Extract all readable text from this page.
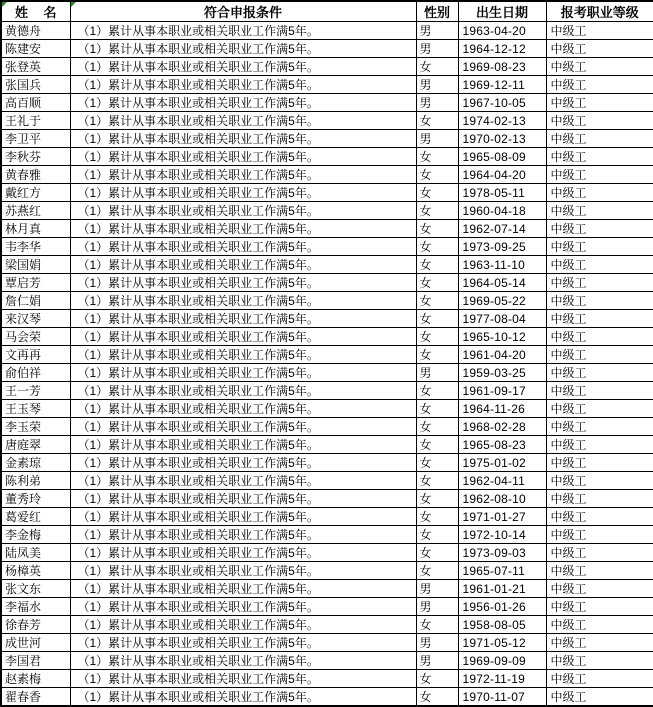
姓 名	符合申报条件	性别	出生日期	报考职业等级
黄德舟	（1）累计从事本职业或相关职业工作满5年。	男	1963-04-20	中级工
陈建安	（1）累计从事本职业或相关职业工作满5年。	男	1964-12-12	中级工
张登英	（1）累计从事本职业或相关职业工作满5年。	女	1969-08-23	中级工
张国兵	（1）累计从事本职业或相关职业工作满5年。	男	1969-12-11	中级工
高百顺	（1）累计从事本职业或相关职业工作满5年。	男	1967-10-05	中级工
王礼于	（1）累计从事本职业或相关职业工作满5年。	女	1974-02-13	中级工
李卫平	（1）累计从事本职业或相关职业工作满5年。	男	1970-02-13	中级工
李秋芬	（1）累计从事本职业或相关职业工作满5年。	女	1965-08-09	中级工
黄春雅	（1）累计从事本职业或相关职业工作满5年。	女	1964-04-20	中级工
戴红方	（1）累计从事本职业或相关职业工作满5年。	女	1978-05-11	中级工
苏燕红	（1）累计从事本职业或相关职业工作满5年。	女	1960-04-18	中级工
林月真	（1）累计从事本职业或相关职业工作满5年。	女	1962-07-14	中级工
韦李华	（1）累计从事本职业或相关职业工作满5年。	女	1973-09-25	中级工
梁国娟	（1）累计从事本职业或相关职业工作满5年。	女	1963-11-10	中级工
覃启芳	（1）累计从事本职业或相关职业工作满5年。	女	1964-05-14	中级工
詹仁娟	（1）累计从事本职业或相关职业工作满5年。	女	1969-05-22	中级工
来汉琴	（1）累计从事本职业或相关职业工作满5年。	女	1977-08-04	中级工
马会荣	（1）累计从事本职业或相关职业工作满5年。	女	1965-10-12	中级工
文再再	（1）累计从事本职业或相关职业工作满5年。	女	1961-04-20	中级工
俞伯祥	（1）累计从事本职业或相关职业工作满5年。	男	1959-03-25	中级工
王一芳	（1）累计从事本职业或相关职业工作满5年。	女	1961-09-17	中级工
王玉琴	（1）累计从事本职业或相关职业工作满5年。	女	1964-11-26	中级工
李玉荣	（1）累计从事本职业或相关职业工作满5年。	女	1968-02-28	中级工
唐庭翠	（1）累计从事本职业或相关职业工作满5年。	女	1965-08-23	中级工
金素琼	（1）累计从事本职业或相关职业工作满5年。	女	1975-01-02	中级工
陈利弟	（1）累计从事本职业或相关职业工作满5年。	女	1962-04-11	中级工
董秀玲	（1）累计从事本职业或相关职业工作满5年。	女	1962-08-10	中级工
葛爱红	（1）累计从事本职业或相关职业工作满5年。	女	1971-01-27	中级工
李金梅	（1）累计从事本职业或相关职业工作满5年。	女	1972-10-14	中级工
陆凤美	（1）累计从事本职业或相关职业工作满5年。	女	1973-09-03	中级工
杨樟英	（1）累计从事本职业或相关职业工作满5年。	女	1965-07-11	中级工
张文东	（1）累计从事本职业或相关职业工作满5年。	男	1961-01-21	中级工
李福水	（1）累计从事本职业或相关职业工作满5年。	男	1956-01-26	中级工
徐春芳	（1）累计从事本职业或相关职业工作满5年。	女	1958-08-05	中级工
成世河	（1）累计从事本职业或相关职业工作满5年。	男	1971-05-12	中级工
李国君	（1）累计从事本职业或相关职业工作满5年。	男	1969-09-09	中级工
赵素梅	（1）累计从事本职业或相关职业工作满5年。	女	1972-11-19	中级工
翟春香	（1）累计从事本职业或相关职业工作满5年。	女	1970-11-07	中级工
